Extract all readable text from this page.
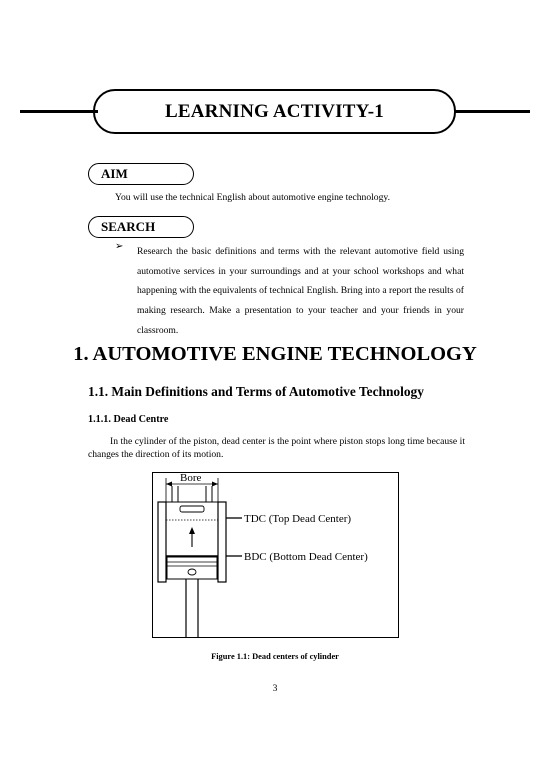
LEARNING ACTIVITY-1
AIM
You will use the technical English about automotive engine technology.
SEARCH
➢ Research the basic definitions and terms with the relevant automotive field using automotive services in your surroundings and at your school workshops and what happening with the equivalents of technical English. Bring into a report the results of making research. Make a presentation to your teacher and your friends in your classroom.
1. AUTOMOTIVE ENGINE TECHNOLOGY
1.1. Main Definitions and Terms of Automotive Technology
1.1.1. Dead Centre
In the cylinder of the piston, dead center is the point where piston stops long time because it changes the direction of its motion.
Bore
TDC (Top Dead Center)
BDC (Bottom Dead Center)
Figure 1.1: Dead centers of cylinder
3
